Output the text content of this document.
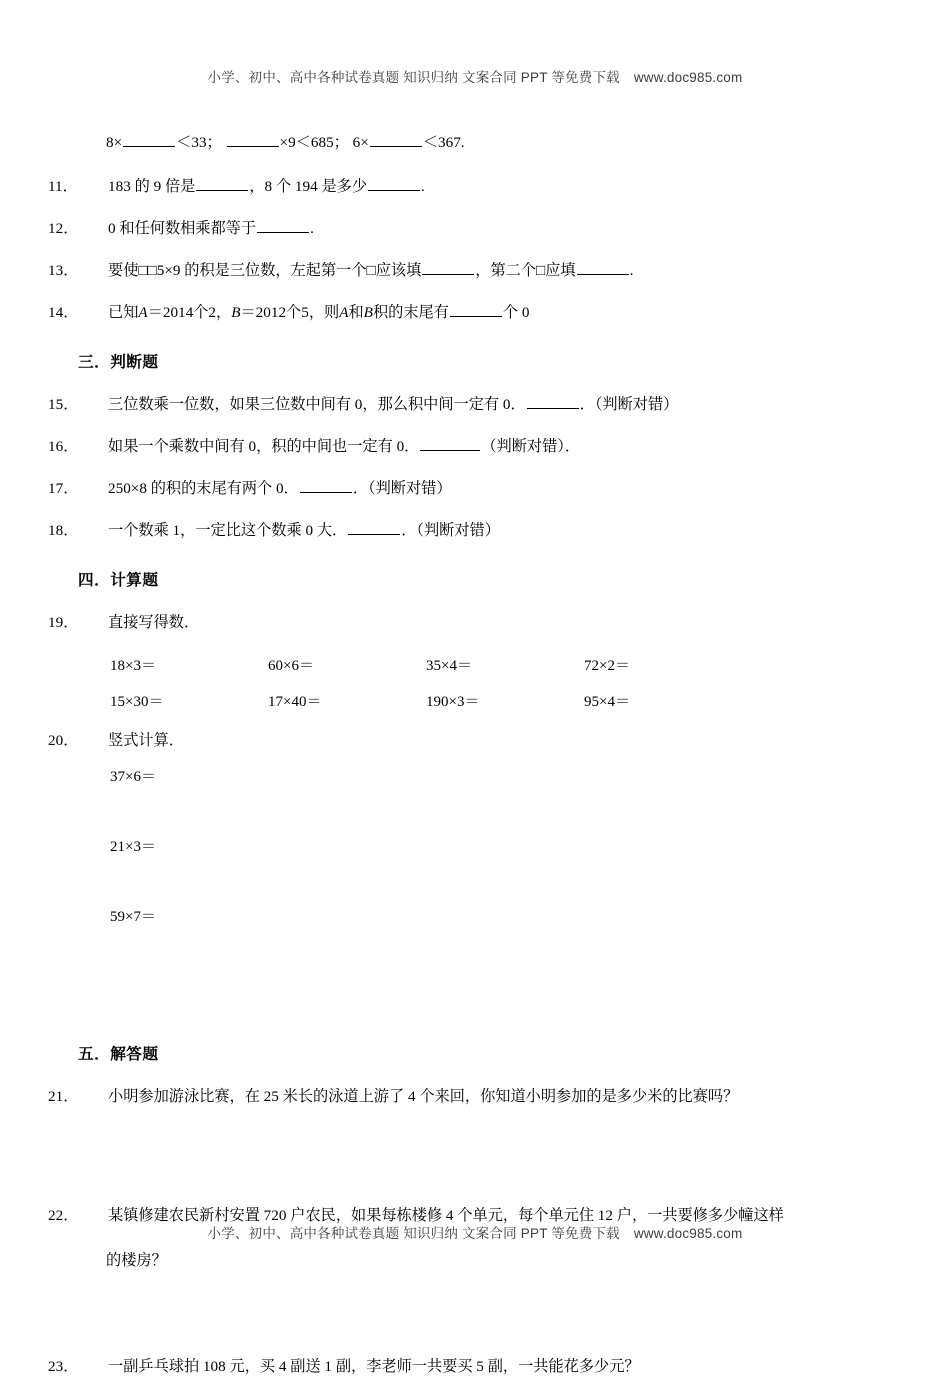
小学、初中、高中各种试卷真题 知识归纳 文案合同 PPT 等免费下载 www.doc985.com
8×	＜33；	×9＜685； 6×	＜367.
11． 183 的 9 倍是	，8 个 194 是多少	.
12． 0 和任何数相乘都等于	.
13． 要使□□5×9 的积是三位数，左起第一个□应该填	，第二个□应填	.
14． 已知A＝2014个2，B＝2012个5，则A和B积的末尾有	个 0
三．判断题
15． 三位数乘一位数，如果三位数中间有 0，那么积中间一定有 0．	．（判断对错）
16． 如果一个乘数中间有 0，积的中间也一定有 0．	（判断对错）．
17． 250×8 的积的末尾有两个 0．	．（判断对错）
18． 一个数乘 1，一定比这个数乘 0 大．	．（判断对错）
四．计算题
19． 直接写得数．
18×3＝	60×6＝	35×4＝	72×2＝
15×30＝	17×40＝	190×3＝	95×4＝
20． 竖式计算．
37×6＝
21×3＝
59×7＝
五．解答题
21． 小明参加游泳比赛，在 25 米长的泳道上游了 4 个来回，你知道小明参加的是多少米的比赛吗？
22． 某镇修建农民新村安置 720 户农民，如果每栋楼修 4 个单元，每个单元住 12 户，一共要修多少幢这样
的楼房？
23． 一副乒乓球拍 108 元，买 4 副送 1 副，李老师一共要买 5 副，一共能花多少元？
小学、初中、高中各种试卷真题 知识归纳 文案合同 PPT 等免费下载 www.doc985.com
